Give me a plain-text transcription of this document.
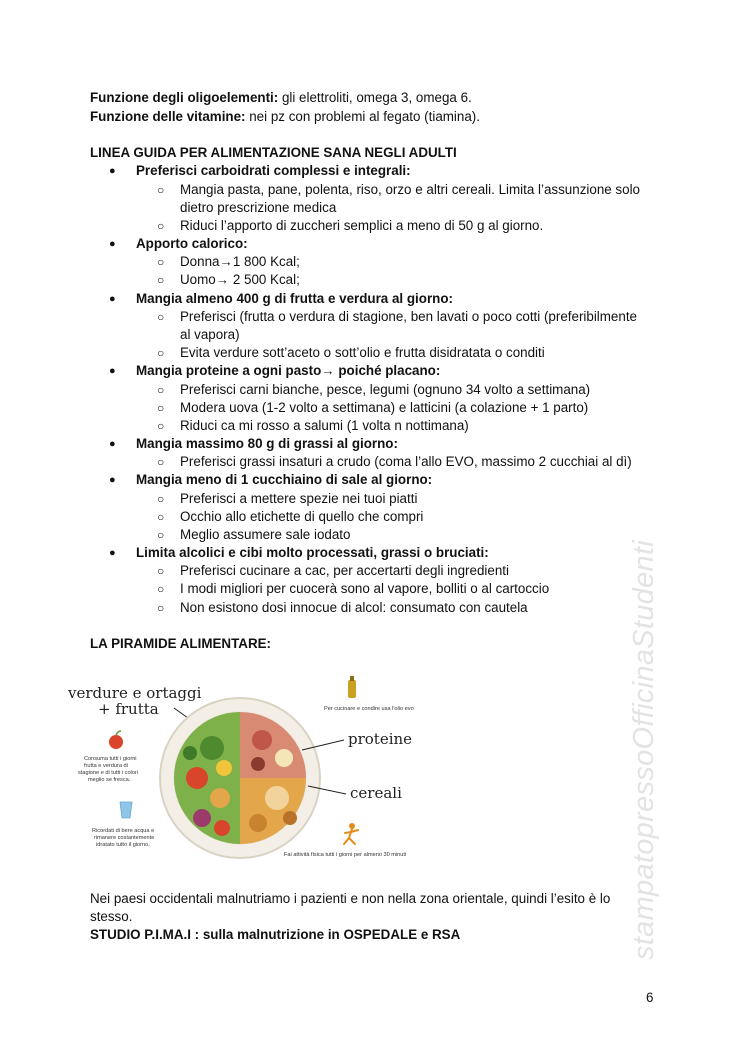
Funzione degli oligoelementi: gli elettroliti, omega 3, omega 6.
Funzione delle vitamine: nei pz con problemi al fegato (tiamina).
LINEA GUIDA PER ALIMENTAZIONE SANA NEGLI ADULTI
● Preferisci carboidrati complessi e integrali:
○ Mangia pasta, pane, polenta, riso, orzo e altri cereali. Limita l’assunzione solo
dietro prescrizione medica
○ Riduci l’apporto di zuccheri semplici a meno di 50 g al giorno.
● Apporto calorico:
○ Donna→1 800 Kcal;
○ Uomo→ 2 500 Kcal;
● Mangia almeno 400 g di frutta e verdura al giorno:
○ Preferisci (frutta o verdura di stagione, ben lavati o poco cotti (preferibilmente
al vapora)
○ Evita verdure sott’aceto o sott’olio e frutta disidratata o conditi
● Mangia proteine a ogni pasto→ poiché placano:
○ Preferisci carni bianche, pesce, legumi (ognuno 34 volto a settimana)
○ Modera uova (1-2 volto a settimana) e latticini (a colazione + 1 parto)
○ Riduci ca mi rosso a salumi (1 volta n nottimana)
● Mangia massimo 80 g di grassi al giorno:
○ Preferisci grassi insaturi a crudo (coma l’allo EVO, massimo 2 cucchiai al dì)
● Mangia meno di 1 cucchiaino di sale al giorno:
○ Preferisci a mettere spezie nei tuoi piatti
○ Occhio allo etichette di quello che compri
○ Meglio assumere sale iodato
● Limita alcolici e cibi molto processati, grassi o bruciati:
○ Preferisci cucinare a cac, per accertarti degli ingredienti
○ I modi migliori per cuocerà sono al vapore, bolliti o al cartoccio
○ Non esistono dosi innocue di alcol: consumato con cautela
LA PIRAMIDE ALIMENTARE:
verdure e ortaggi
+ frutta
Consuma tutti i giorni
frutta e verdura di
stagione e di tutti i colori
meglio se fresca.
Ricordati di bere acqua e
rimanere costantemente
idratato tutto il giorno.
Per cucinare e condire usa l'olio evo
proteine
cereali
Fai attività fisica tutti i giorni per almeno 30 minuti
Nei paesi occidentali malnutriamo i pazienti e non nella zona orientale, quindi l’esito è lo
stesso.
STUDIO P.I.MA.I : sulla malnutrizione in OSPEDALE e RSA	stampatopressoOfficinaStudenti
6
